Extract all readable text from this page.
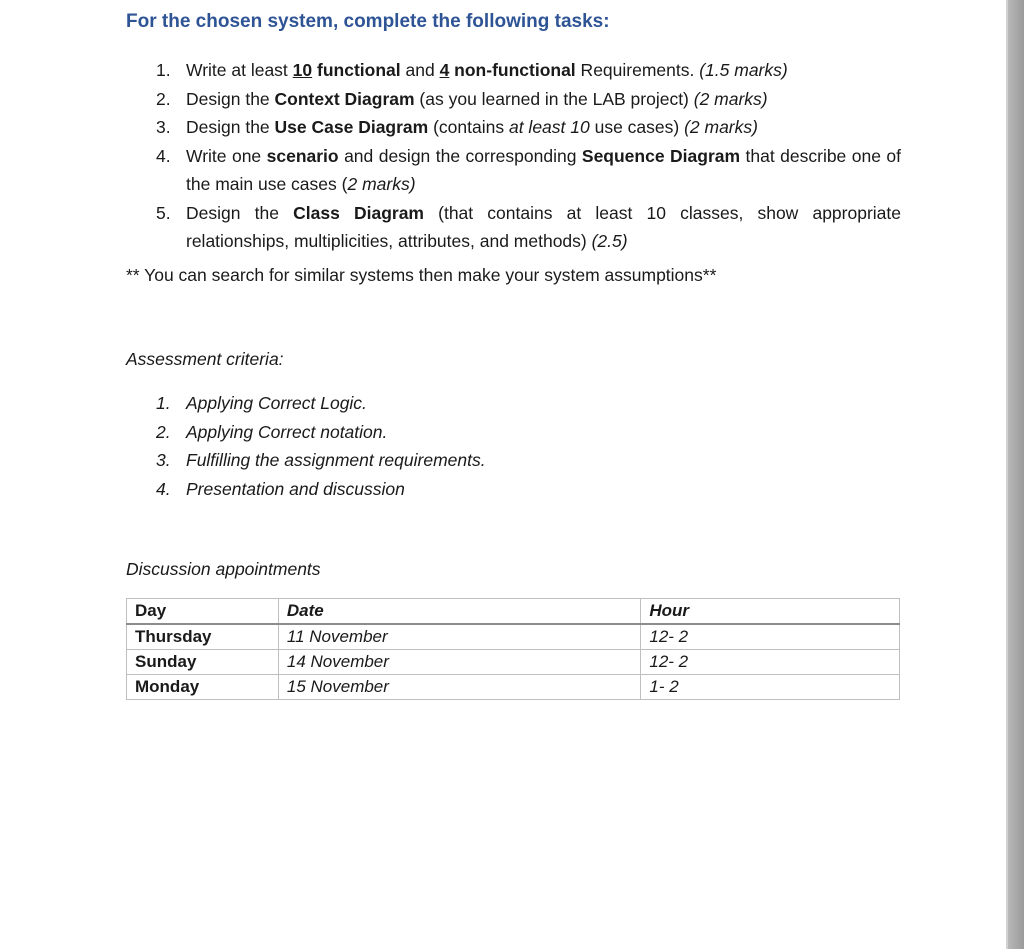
For the chosen system, complete the following tasks:
1. Write at least 10 functional and 4 non-functional Requirements. (1.5 marks)
2. Design the Context Diagram (as you learned in the LAB project) (2 marks)
3. Design the Use Case Diagram (contains at least 10 use cases) (2 marks)
4. Write one scenario and design the corresponding Sequence Diagram that describe one of the main use cases (2 marks)
5. Design the Class Diagram (that contains at least 10 classes, show appropriate relationships, multiplicities, attributes, and methods) (2.5)

** You can search for similar systems then make your system assumptions**

Assessment criteria:

1. Applying Correct Logic.
2. Applying Correct notation.
3. Fulfilling the assignment requirements.
4. Presentation and discussion

Discussion appointments

Day	Date	Hour
Thursday	11 November	12- 2
Sunday	14 November	12- 2
Monday	15 November	1- 2
